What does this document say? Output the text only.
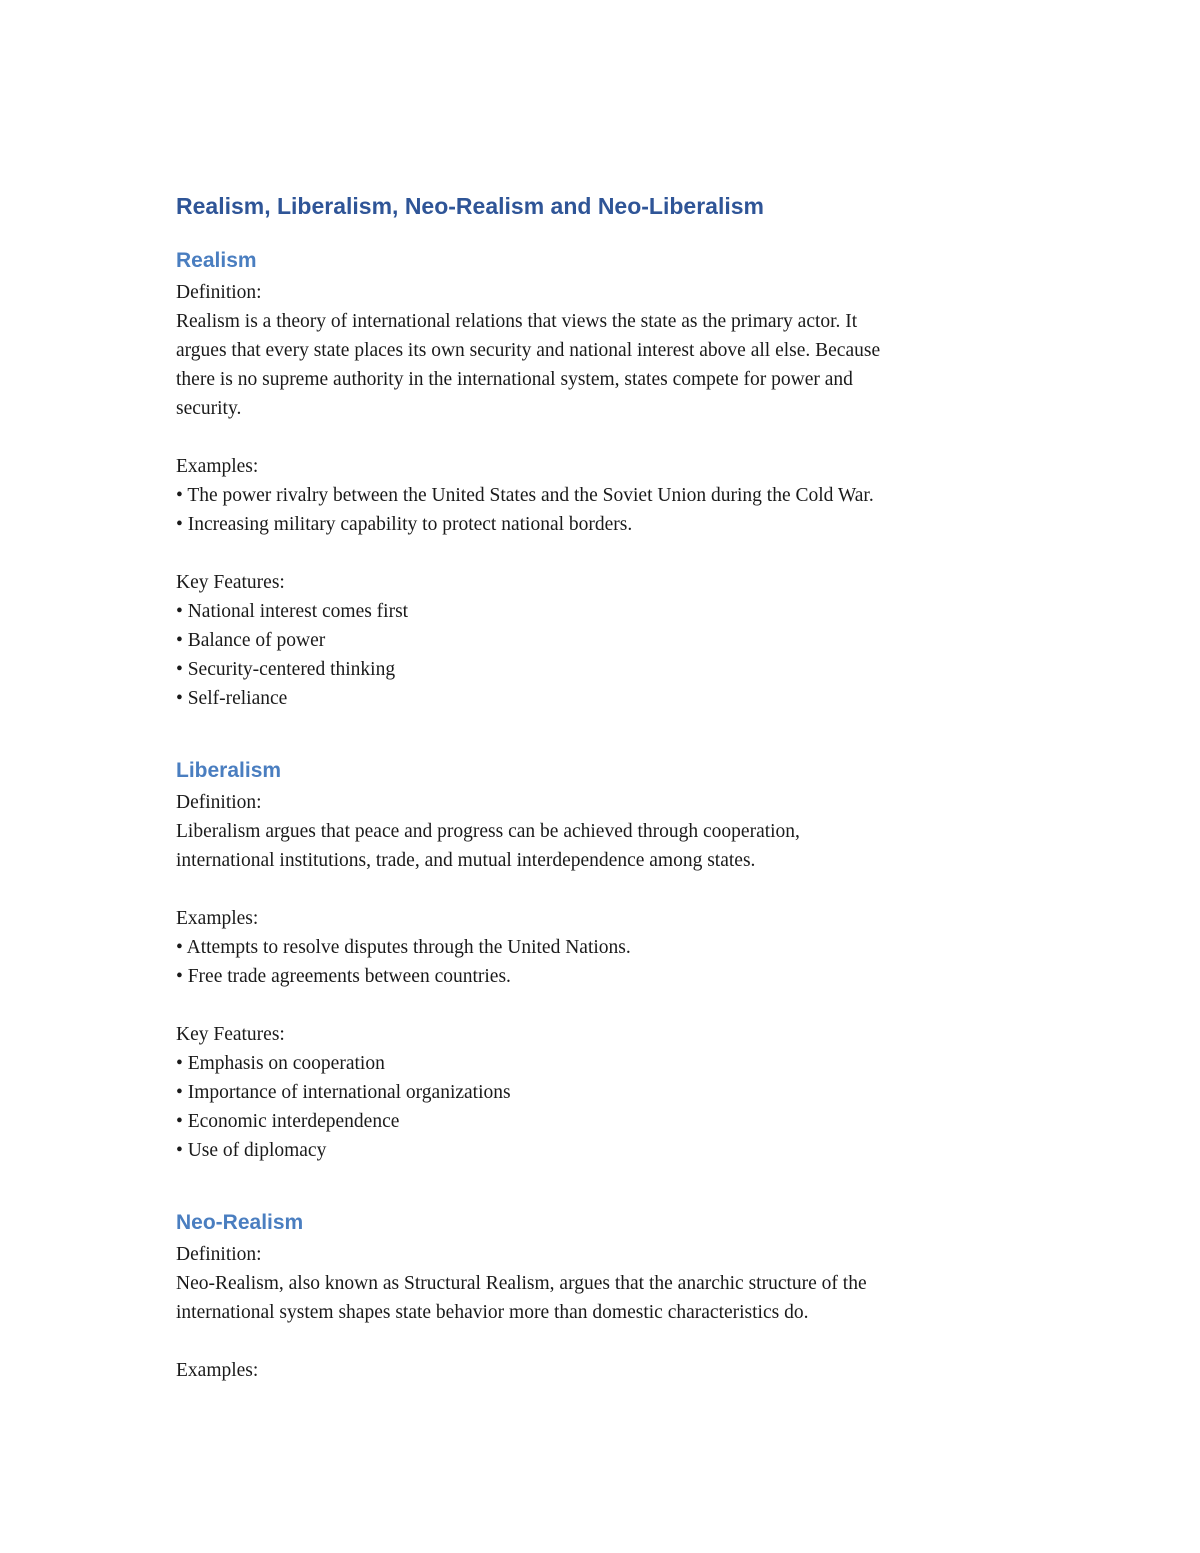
Realism, Liberalism, Neo-Realism and Neo-Liberalism
Realism

Definition:

Realism is a theory of international relations that views the state as the primary actor. It

argues that every state places its own security and national interest above all else. Because

there is no supreme authority in the international system, states compete for power and

security.

Examples:

• The power rivalry between the United States and the Soviet Union during the Cold War.

• Increasing military capability to protect national borders.

Key Features:

• National interest comes first

• Balance of power

• Security-centered thinking

• Self-reliance

Liberalism

Definition:

Liberalism argues that peace and progress can be achieved through cooperation,

international institutions, trade, and mutual interdependence among states.

Examples:

• Attempts to resolve disputes through the United Nations.

• Free trade agreements between countries.

Key Features:

• Emphasis on cooperation

• Importance of international organizations

• Economic interdependence

• Use of diplomacy

Neo-Realism

Definition:

Neo-Realism, also known as Structural Realism, argues that the anarchic structure of the

international system shapes state behavior more than domestic characteristics do.

Examples:
